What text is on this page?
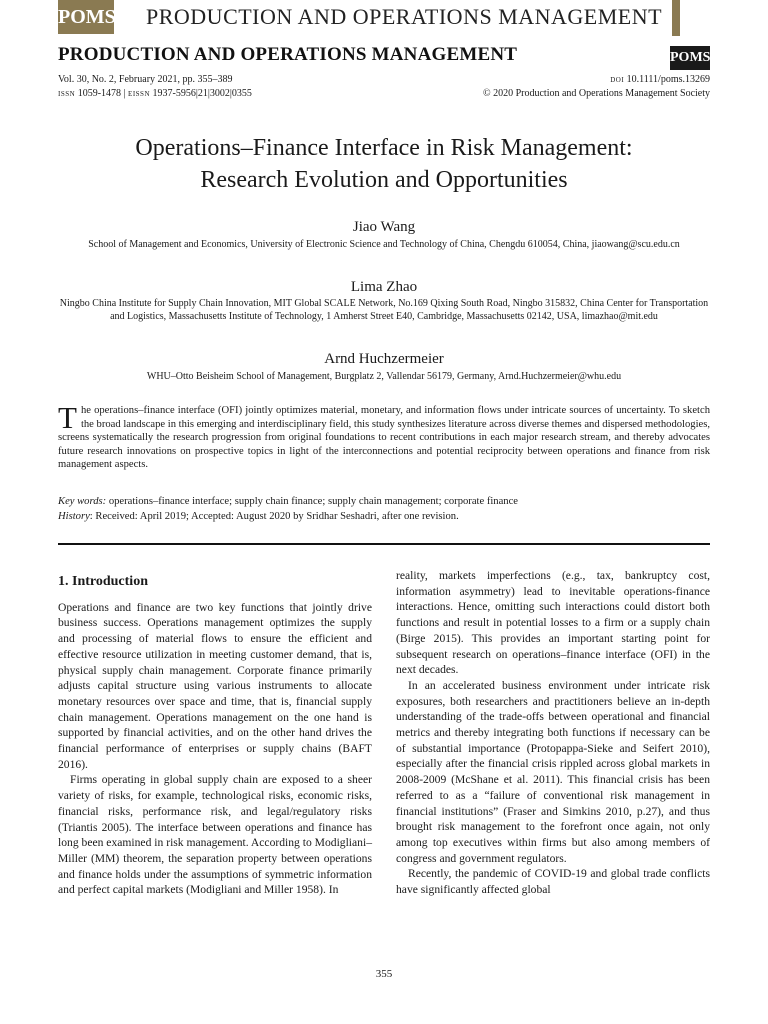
POMS PRODUCTION AND OPERATIONS MANAGEMENT
PRODUCTION AND OPERATIONS MANAGEMENT	POMS
Vol. 30, No. 2, February 2021, pp. 355–389
ISSN 1059-1478 | EISSN 1937-5956|21|3002|0355
DOI 10.1111/poms.13269
© 2020 Production and Operations Management Society
Operations–Finance Interface in Risk Management:
Research Evolution and Opportunities
Jiao Wang
School of Management and Economics, University of Electronic Science and Technology of China, Chengdu 610054, China, jiaowang@scu.edu.cn
Lima Zhao
Ningbo China Institute for Supply Chain Innovation, MIT Global SCALE Network, No.169 Qixing South Road, Ningbo 315832, China Center for Transportation and Logistics, Massachusetts Institute of Technology, 1 Amherst Street E40, Cambridge, Massachusetts 02142, USA, limazhao@mit.edu
Arnd Huchzermeier
WHU–Otto Beisheim School of Management, Burgplatz 2, Vallendar 56179, Germany, Arnd.Huchzermeier@whu.edu
The operations–finance interface (OFI) jointly optimizes material, monetary, and information flows under intricate sources of uncertainty. To sketch the broad landscape in this emerging and interdisciplinary field, this study synthesizes literature across diverse themes and dispersed methodologies, screens systematically the research progression from original foundations to recent contributions in each major research stream, and thereby advocates future research innovations on prospective topics in light of the interconnections and potential reciprocity between operations and finance from risk management aspects.
Key words: operations–finance interface; supply chain finance; supply chain management; corporate finance
History: Received: April 2019; Accepted: August 2020 by Sridhar Seshadri, after one revision.
1. Introduction

Operations and finance are two key functions that jointly drive business success. Operations management optimizes the supply and processing of material flows to ensure the efficient and effective resource utilization in meeting customer demand, that is, physical supply chain management. Corporate finance primarily adjusts capital structure using various instruments to allocate monetary resources over space and time, that is, financial supply chain management. Operations management on the one hand is supported by financial activities, and on the other hand drives the financial performance of enterprises or supply chains (BAFT 2016).

Firms operating in global supply chain are exposed to a sheer variety of risks, for example, technological risks, economic risks, financial risks, performance risk, and legal/regulatory risks (Triantis 2005). The interface between operations and finance has long been examined in risk management. According to Modigliani–Miller (MM) theorem, the separation property between operations and finance holds under the assumptions of symmetric information and perfect capital markets (Modigliani and Miller 1958). In

reality, markets imperfections (e.g., tax, bankruptcy cost, information asymmetry) lead to inevitable operations-finance interactions. Hence, omitting such interactions could distort both functions and result in potential losses to a firm or a supply chain (Birge 2015). This provides an important starting point for subsequent research on operations–finance interface (OFI) in the next decades.

In an accelerated business environment under intricate risk exposures, both researchers and practitioners believe an in-depth understanding of the trade-offs between operational and financial metrics and thereby integrating both functions if necessary can be of substantial importance (Protopappa-Sieke and Seifert 2010), especially after the financial crisis rippled across global markets in 2008-2009 (McShane et al. 2011). This financial crisis has been referred to as a “failure of conventional risk management in financial institutions” (Fraser and Simkins 2010, p.27), and thus brought risk management to the forefront once again, not only among top executives within firms but also among members of congress and government regulators.

Recently, the pandemic of COVID-19 and global trade conflicts have significantly affected global

355
